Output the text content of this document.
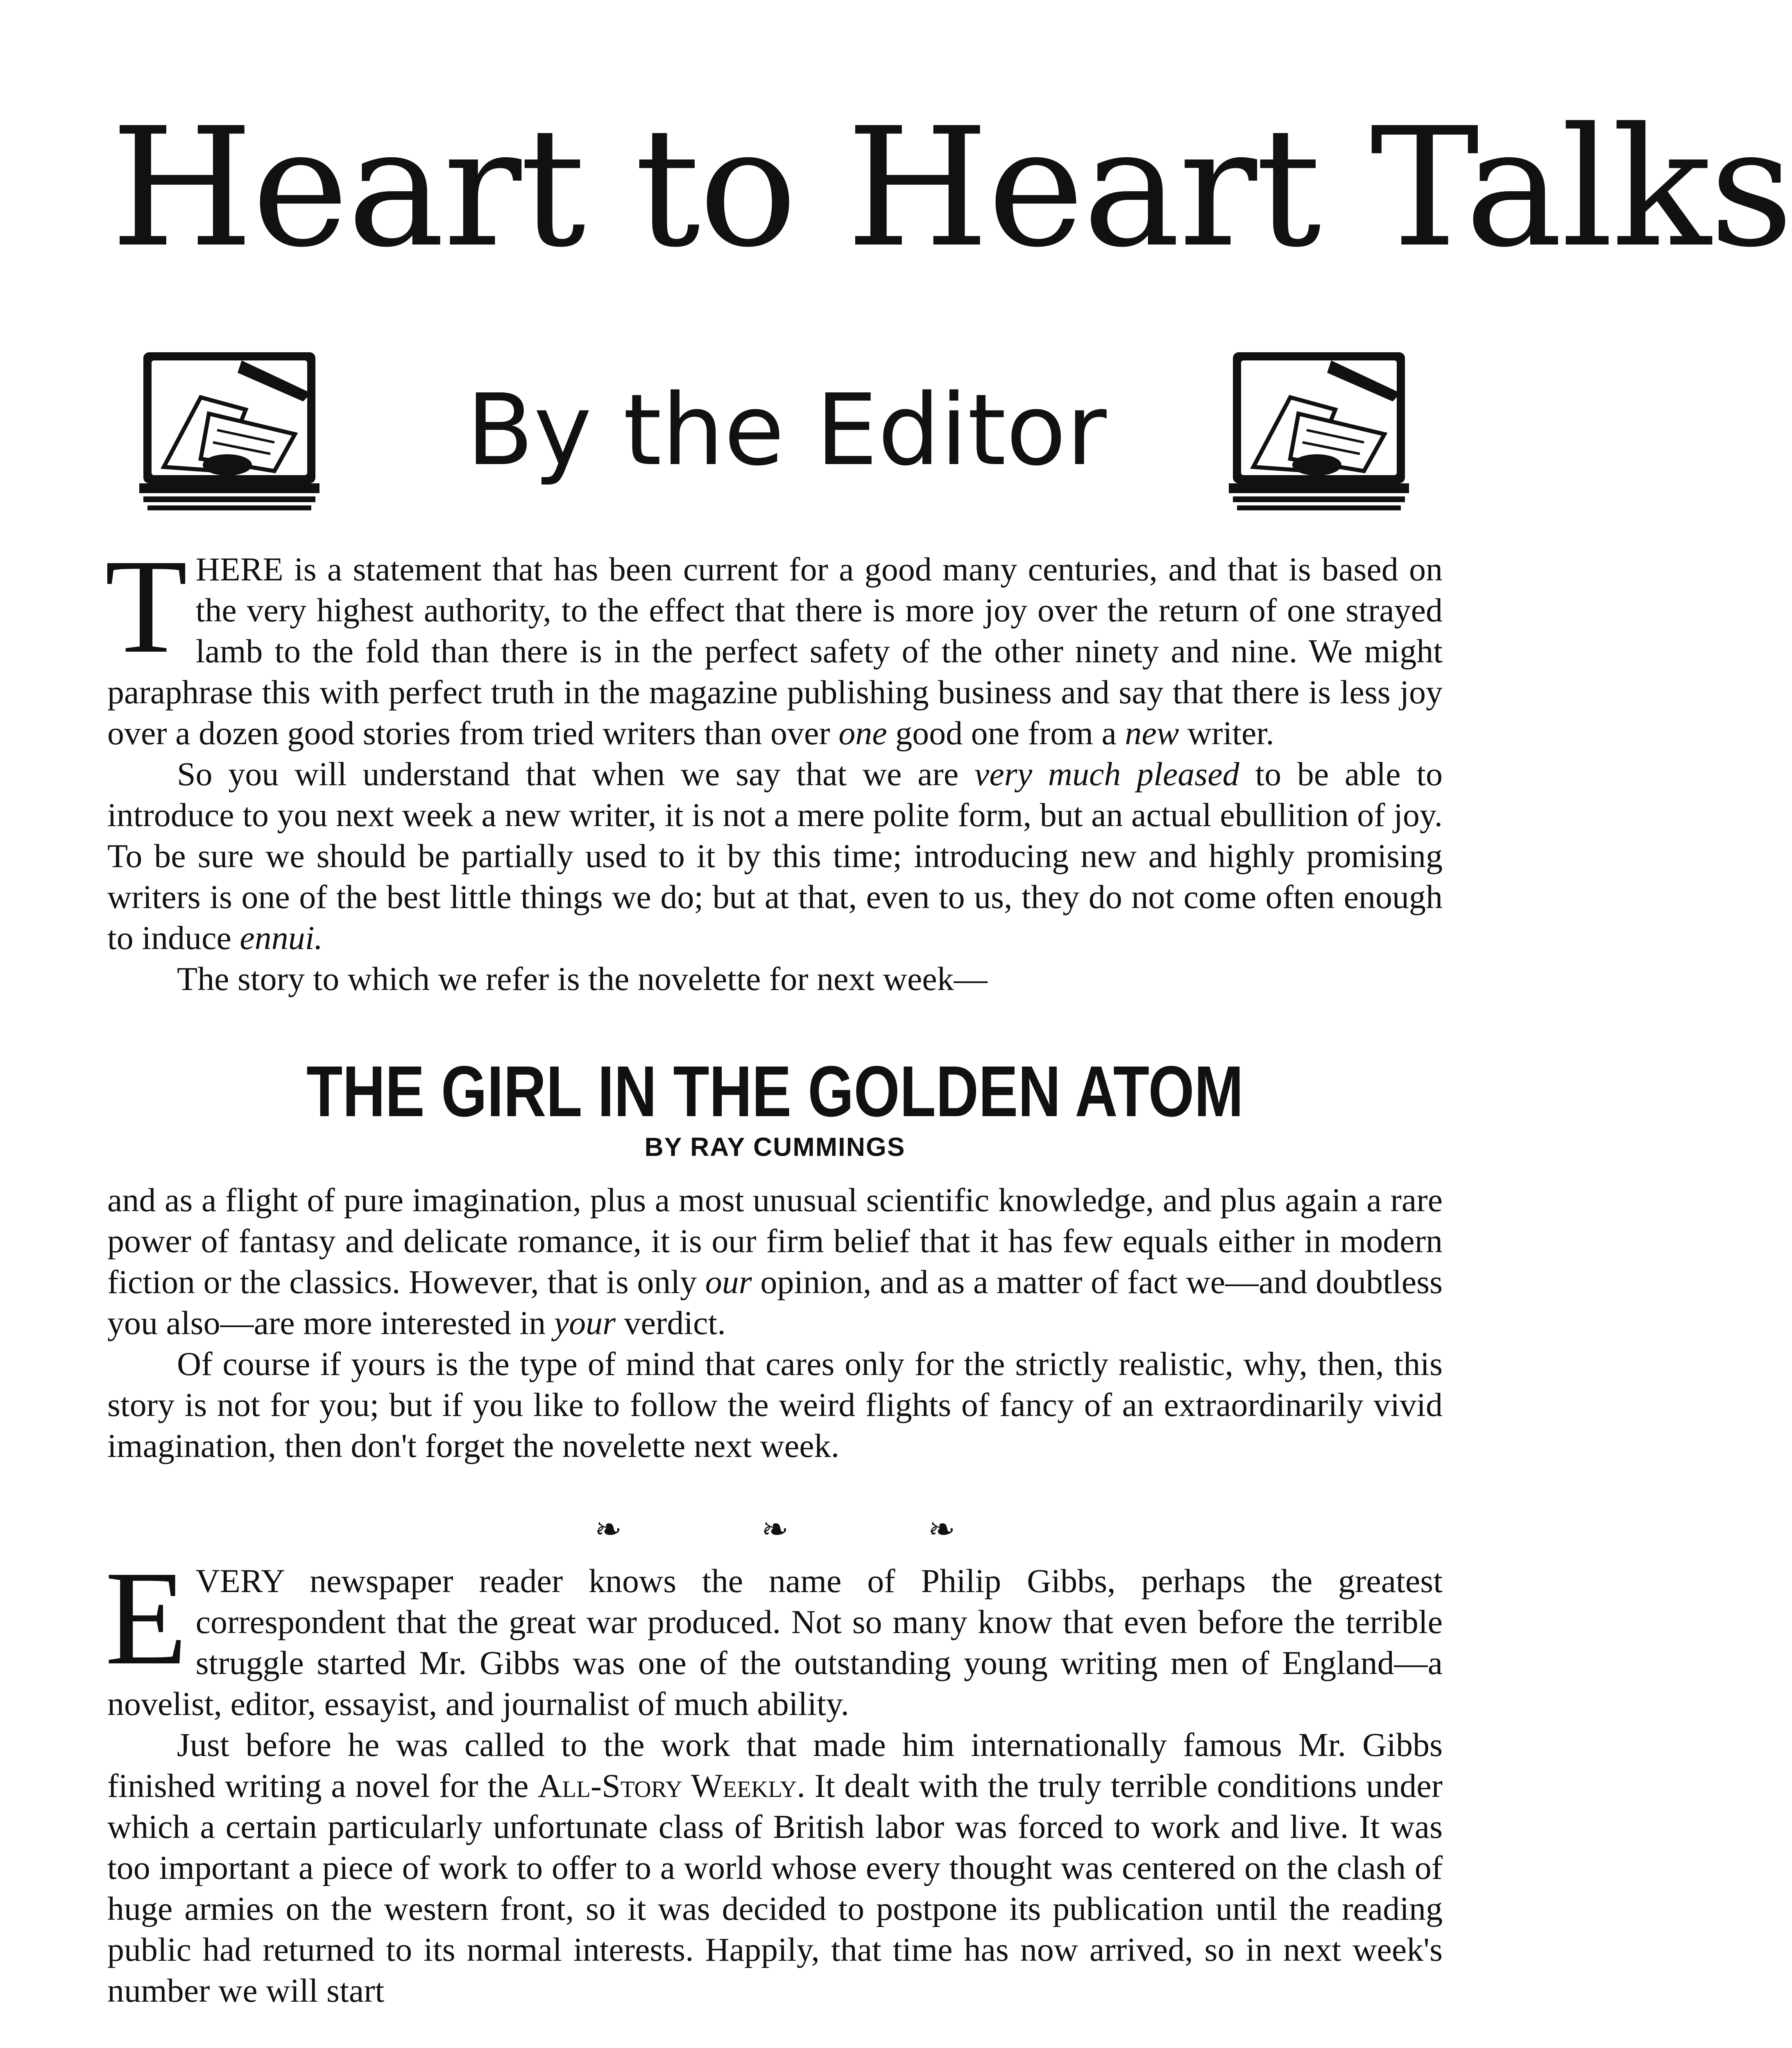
Heart to Heart Talks
By the Editor

THERE is a statement that has been current for a good many centuries, and that is based on the very highest authority, to the effect that there is more joy over the return of one strayed lamb to the fold than there is in the perfect safety of the other ninety and nine. We might paraphrase this with perfect truth in the magazine publishing business and say that there is less joy over a dozen good stories from tried writers than over one good one from a new writer.

So you will understand that when we say that we are very much pleased to be able to introduce to you next week a new writer, it is not a mere polite form, but an actual ebullition of joy. To be sure we should be partially used to it by this time; introducing new and highly promising writers is one of the best little things we do; but at that, even to us, they do not come often enough to induce ennui.

The story to which we refer is the novelette for next week—

THE GIRL IN THE GOLDEN ATOM
BY RAY CUMMINGS

and as a flight of pure imagination, plus a most unusual scientific knowledge, and plus again a rare power of fantasy and delicate romance, it is our firm belief that it has few equals either in modern fiction or the classics. However, that is only our opinion, and as a matter of fact we—and doubtless you also—are more interested in your verdict.

Of course if yours is the type of mind that cares only for the strictly realistic, why, then, this story is not for you; but if you like to follow the weird flights of fancy of an extraordinarily vivid imagination, then don't forget the novelette next week.

❧	❧	❧

EVERY newspaper reader knows the name of Philip Gibbs, perhaps the greatest correspondent that the great war produced. Not so many know that even before the terrible struggle started Mr. Gibbs was one of the outstanding young writing men of England—a novelist, editor, essayist, and journalist of much ability.

Just before he was called to the work that made him internationally famous Mr. Gibbs finished writing a novel for the All-Story Weekly. It dealt with the truly terrible conditions under which a certain particularly unfortunate class of British labor was forced to work and live. It was too important a piece of work to offer to a world whose every thought was centered on the clash of huge armies on the western front, so it was decided to postpone its publication until the reading public had returned to its normal interests. Happily, that time has now arrived, so in next week's number we will start
